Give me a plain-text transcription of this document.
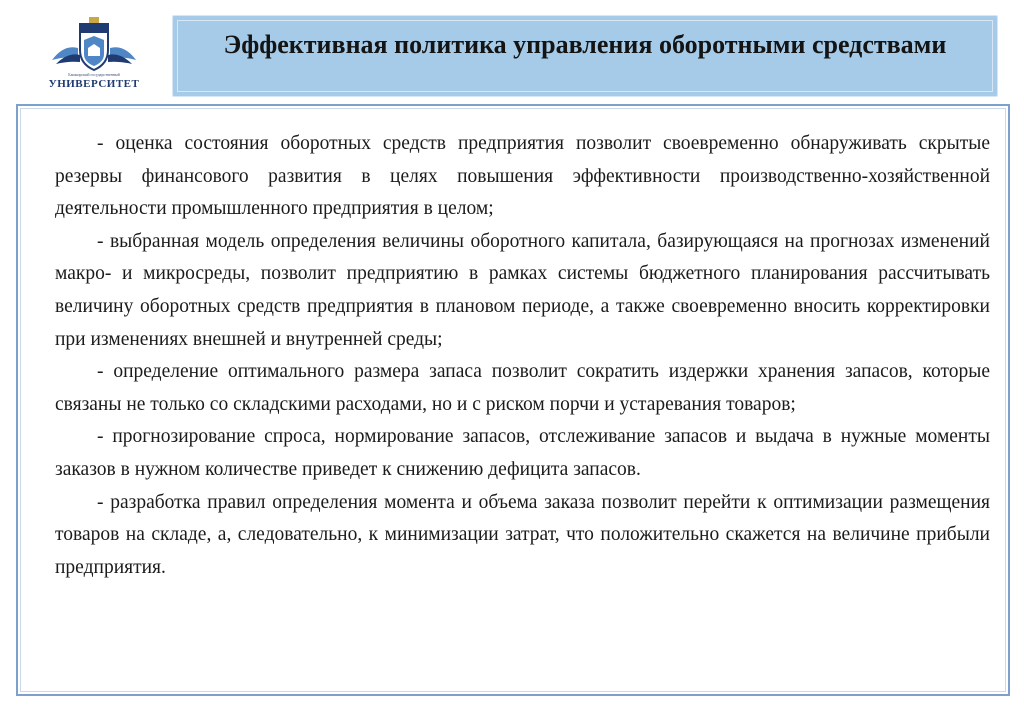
Башкирский государственный
УНИВЕРСИТЕТ
Эффективная политика управления оборотными средствами
- оценка состояния оборотных средств предприятия позволит своевременно обнаруживать скрытые резервы финансового развития в целях повышения эффективности производственно-хозяйственной деятельности промышленного предприятия в целом;
- выбранная модель определения величины оборотного капитала, базирующаяся на прогнозах изменений макро- и микросреды, позволит предприятию в рамках системы бюджетного планирования рассчитывать величину оборотных средств предприятия в плановом периоде, а также своевременно вносить корректировки при изменениях внешней и внутренней среды;
- определение оптимального размера запаса позволит сократить издержки хранения запасов, которые связаны не только со складскими расходами, но и с риском порчи и устаревания товаров;
- прогнозирование спроса, нормирование запасов, отслеживание запасов и выдача в нужные моменты заказов в нужном количестве приведет к снижению дефицита запасов.
- разработка правил определения момента и объема заказа позволит перейти к оптимизации размещения товаров на складе, а, следовательно, к минимизации затрат, что положительно скажется на величине прибыли предприятия.
